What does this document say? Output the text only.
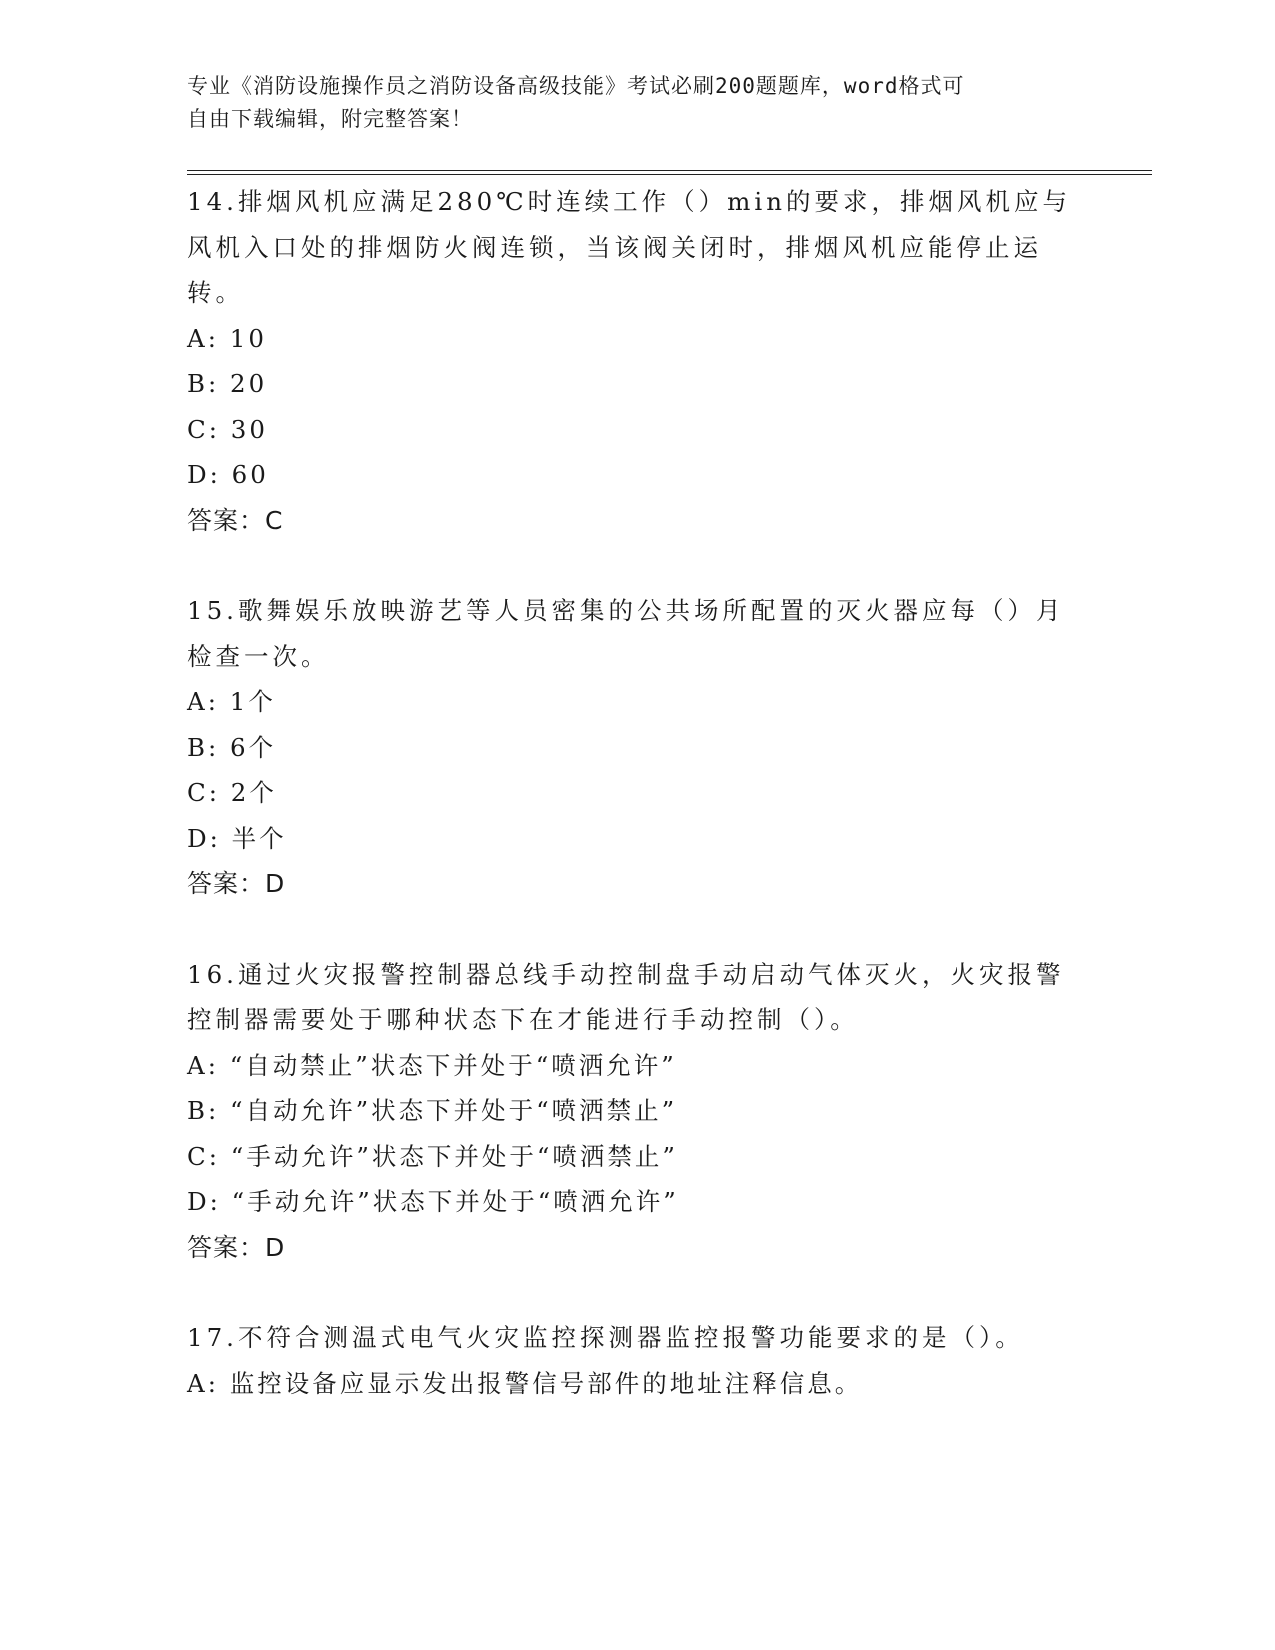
专业《消防设施操作员之消防设备高级技能》考试必刷200题题库，word格式可

自由下载编辑，附完整答案！

14.排烟风机应满足280℃时连续工作（）min的要求，排烟风机应与

风机入口处的排烟防火阀连锁，当该阀关闭时，排烟风机应能停止运

转。

A: 10

B: 20

C: 30

D: 60

答案：C

15.歌舞娱乐放映游艺等人员密集的公共场所配置的灭火器应每（）月

检查一次。

A: 1个

B: 6个

C: 2个

D: 半个

答案：D

16.通过火灾报警控制器总线手动控制盘手动启动气体灭火，火灾报警

控制器需要处于哪种状态下在才能进行手动控制（）。

A: “自动禁止”状态下并处于“喷洒允许”

B: “自动允许”状态下并处于“喷洒禁止”

C: “手动允许”状态下并处于“喷洒禁止”

D: “手动允许”状态下并处于“喷洒允许”

答案：D

17.不符合测温式电气火灾监控探测器监控报警功能要求的是（）。

A: 监控设备应显示发出报警信号部件的地址注释信息。
